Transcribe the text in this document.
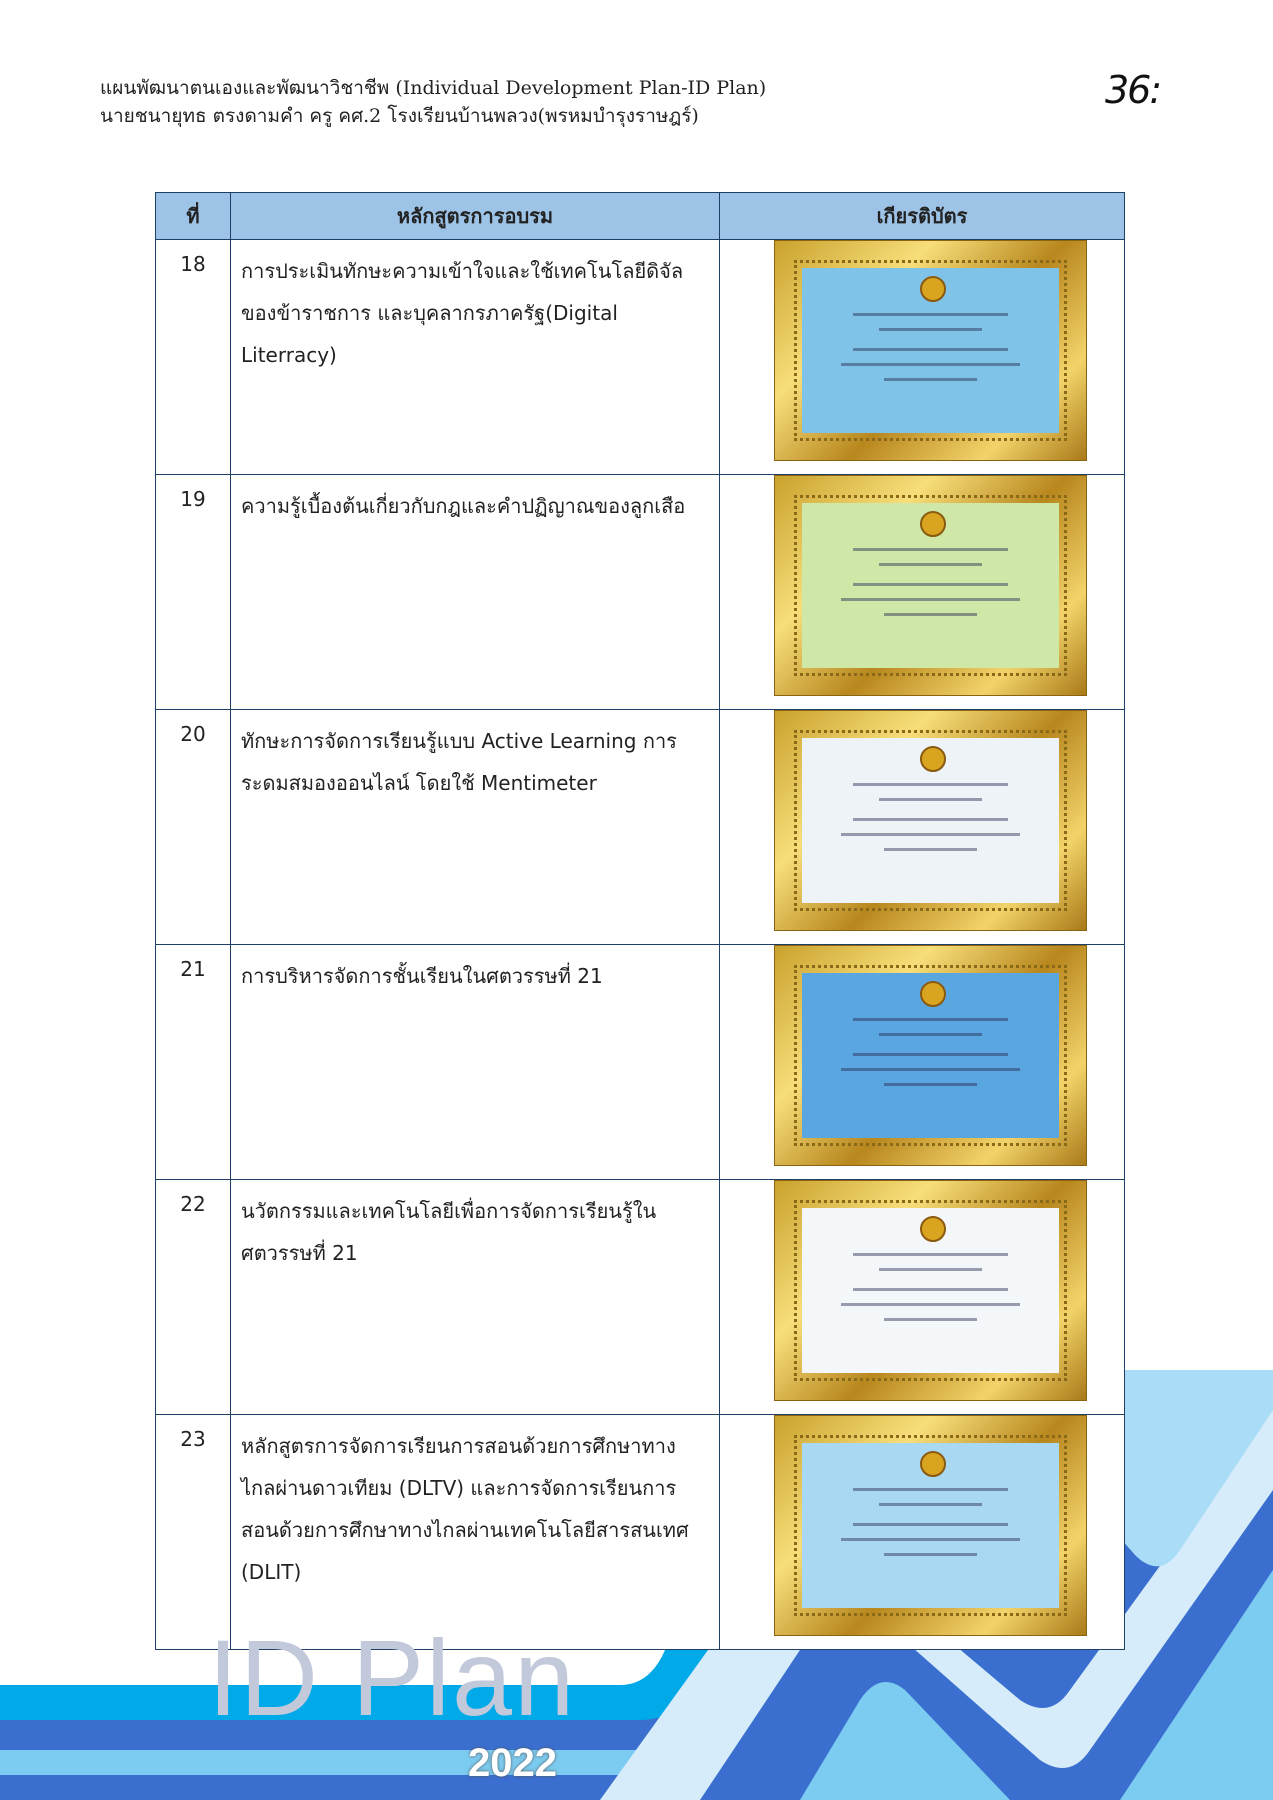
แผนพัฒนาตนเองและพัฒนาวิชาชีพ (Individual Development Plan-ID Plan)
นายชนายุทธ ตรงดามคำ ครู คศ.2 โรงเรียนบ้านพลวง(พรหมบำรุงราษฎร์)
36:
ที่	หลักสูตรการอบรม	เกียรติบัตร
18	การประเมินทักษะความเข้าใจและใช้เทคโนโลยีดิจัลของข้าราชการ และบุคลากรภาครัฐ(Digital Literracy)	

19	ความรู้เบื้องต้นเกี่ยวกับกฎและคำปฏิญาณของลูกเสือ	

20	ทักษะการจัดการเรียนรู้แบบ Active Learning การระดมสมองออนไลน์ โดยใช้ Mentimeter	

21	การบริหารจัดการชั้นเรียนในศตวรรษที่ 21	

22	นวัตกรรมและเทคโนโลยีเพื่อการจัดการเรียนรู้ในศตวรรษที่ 21	

23	หลักสูตรการจัดการเรียนการสอนด้วยการศึกษาทางไกลผ่านดาวเทียม (DLTV) และการจัดการเรียนการสอนด้วยการศึกษาทางไกลผ่านเทคโนโลยีสารสนเทศ (DLIT)	
ID Plan
2022
